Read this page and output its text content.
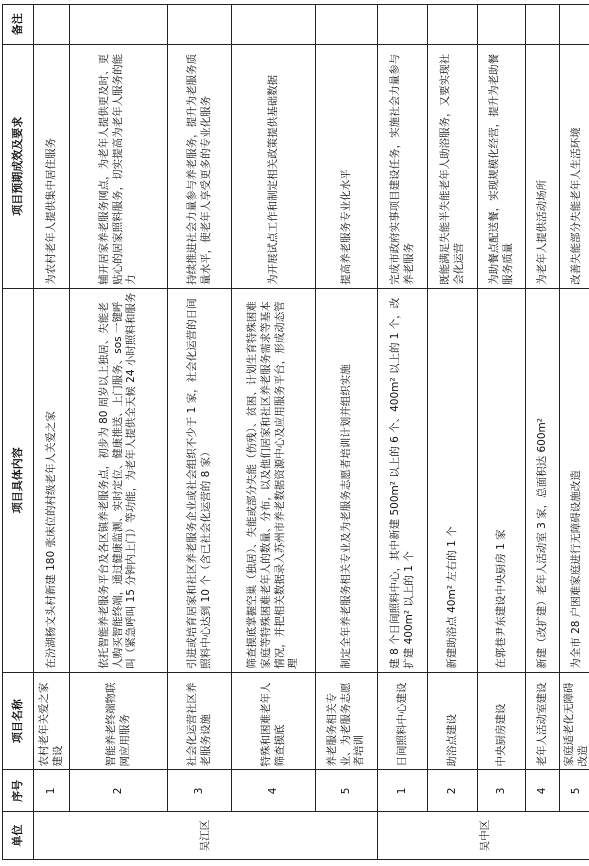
单位	序号	项目名称	项目具体内容	项目预期成效及要求	备注
吴江区	1	农村老年关爱之家建设	在汾湖杨文头村新建 180 张床位的村级老年人关爱之家	为农村老年人提供集中居住服务	
	2	智能养老终端物联网应用服务	依托智能养老服务平台及各区镇养老服务点，初步为 80 周岁以上独居、失能老人购买智能终端，通过健康监测、实时定位、健康推送、上门服务、sos 一键呼叫（紧急呼叫 15 分钟内上门）等功能，为老年人提供全天候 24 小时照料和服务	辅开居家养老服务网点，为老年人提供更及时、更贴心的居家照料服务，切实提高为老年人服务的能力	
	3	社会化运营社区养老服务设施	引进或培育居家和社区养老服务企业或社会组织不少于 1 家，社会化运营的日间照料中心达到 10 个（含已社会化运营的 8 家）	持续推进社会力量参与养老服务，提升为老服务质量水平，使老年人享受更多的专业化服务	
	4	特殊和困难老年人筛查摸底	筛查摸底掌握空巢（独居）、失能或部分失能（伤残）、贫困、计划生育特殊困难家庭等特殊困难老年人的数量、分布，以及他们居家和社区养老服务需求等基本情况，并把相关数据录入苏州市养老数据资源中心及应用服务平台，形成动态管理	为开展试点工作和制定相关政策提供基础数据	
	5	养老服务相关专业、为老服务志愿者培训	制定全年养老服务相关专业及为老服务志愿者培训计划并组织实施	提高养老服务专业化水平	
吴中区	1	日间照料中心建设	建 8 个日间照料中心，其中新建 500m² 以上的 6 个、400m² 以上的 1 个，改扩建 400m² 以上的 1 个	完成市政府实事项目建设任务，实施社会力量参与养老服务	
	2	助浴点建设	新建助浴点 40m² 左右的 1 个	既能满足失能半失能老年人助浴服务，又要实现社会化运营	
	3	中央厨房建设	在郭巷尹东建设中央厨房 1 家	为助餐点配送餐，实现规模化经营，提升为老助餐服务质量	
	4	老年人活动室建设	新建（改扩建）老年人活动室 3 家，总面积达 600m²	为老年人提供活动场所	
	5	家庭适老化无障碍改造	为全市 28 户困难家庭进行无障碍设施改造	改善失能部分失能老年人生活环境	
